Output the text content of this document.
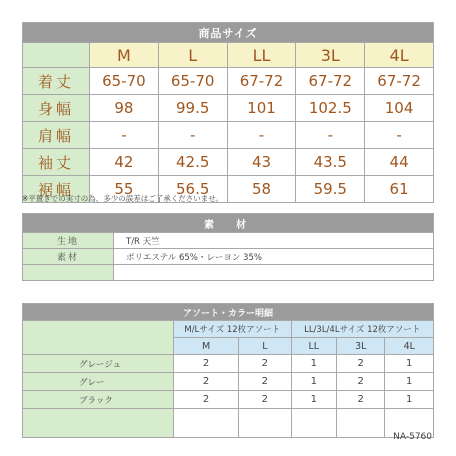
商品サイズ					
	M	L	LL	3L	4L
着丈	65-70	65-70	67-72	67-72	67-72
身幅	98	99.5	101	102.5	104
肩幅	-	-	-	-	-
袖丈	42	42.5	43	43.5	44
裾幅	55	56.5	58	59.5	61
※平置きでの実寸の為、多少の誤差はご了承くださいませ。
素　材	
生地	T/R 天竺
素材	ポリエステル 65%・レーヨン 35%

アソート・カラー明細					
	M/Lサイズ 12枚アソート		LL/3L/4Lサイズ 12枚アソート		
	M	L	LL	3L	4L
グレージュ	2	2	1	2	1
グレー	2	2	1	2	1
ブラック	2	2	1	2	1

NA-5760
